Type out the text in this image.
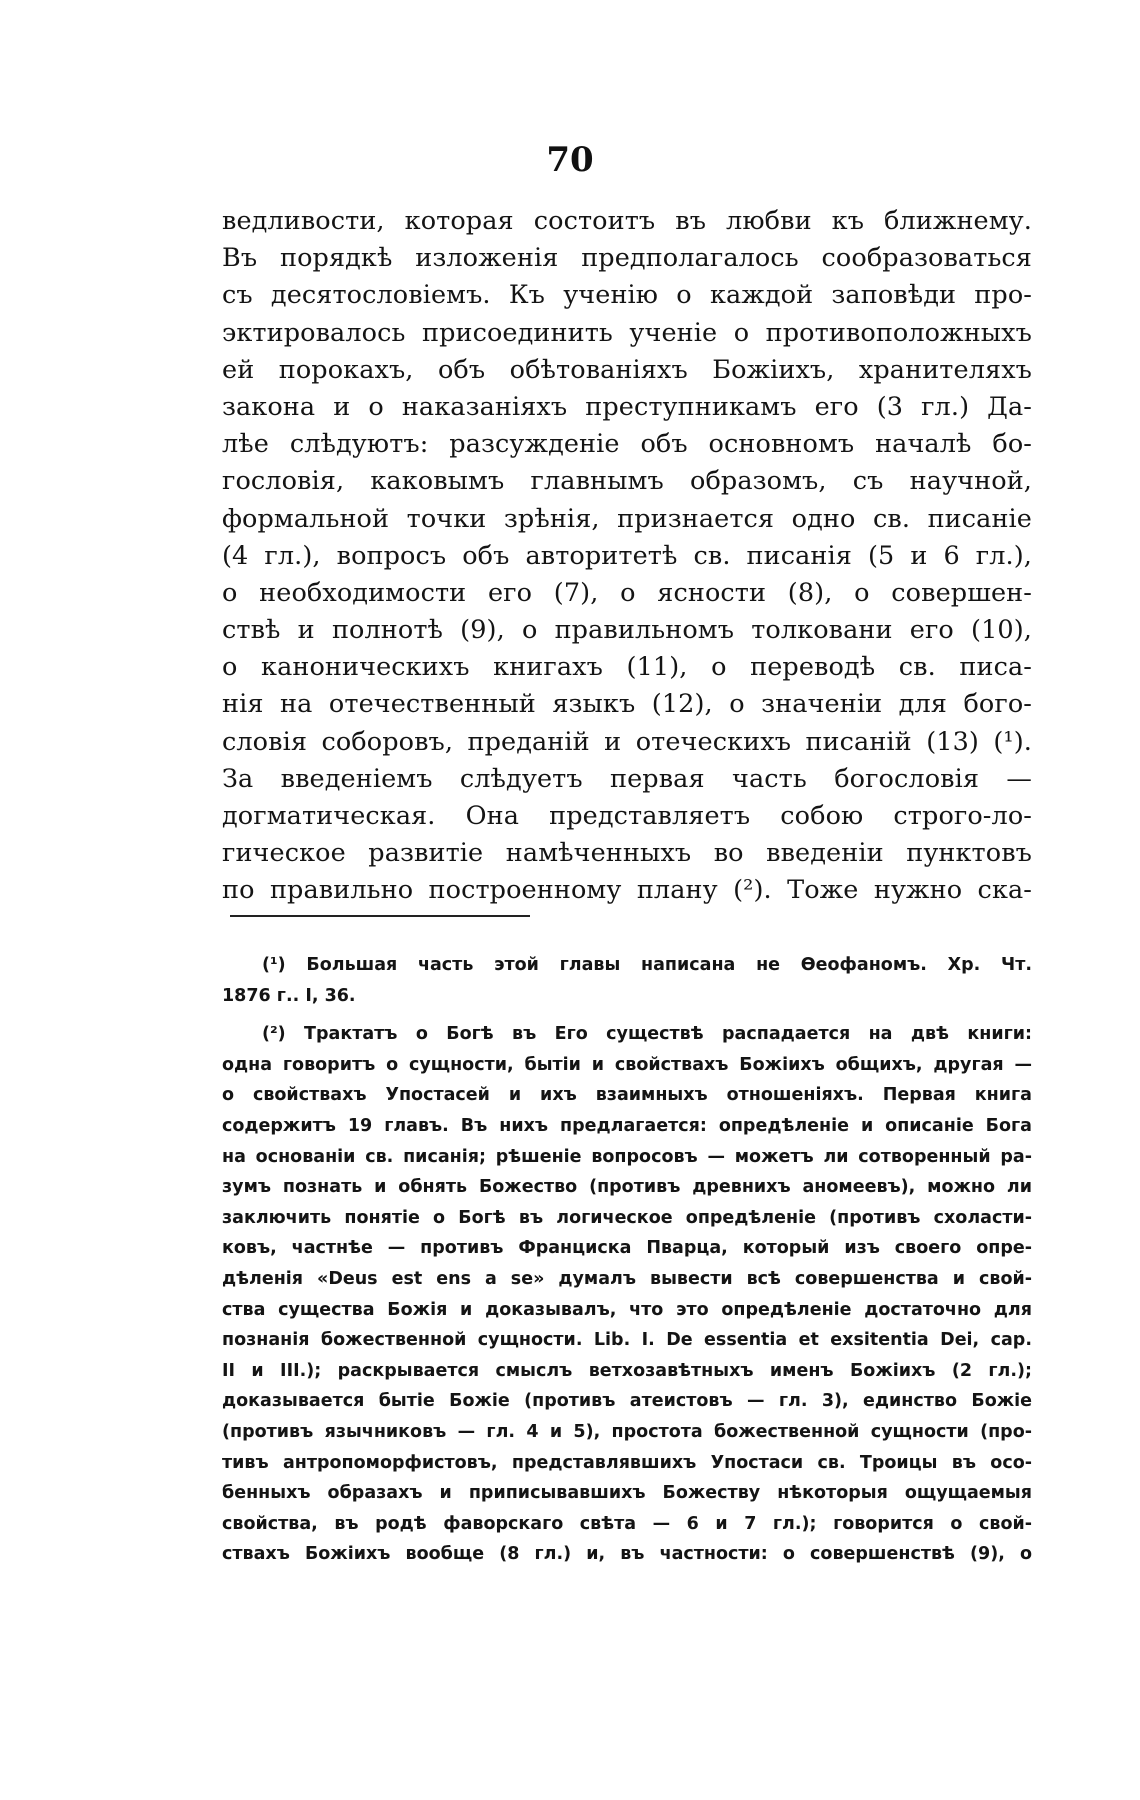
70
ведливости, которая состоитъ въ любви къ ближнему.
Въ порядкѣ изложенія предполагалось сообразоваться
съ десятословіемъ. Къ ученію о каждой заповѣди про-
эктировалось присоединить ученіе о противоположныхъ
ей порокахъ, объ обѣтованіяхъ Божіихъ, хранителяхъ
закона и о наказаніяхъ преступникамъ его (3 гл.) Да-
лѣе слѣдуютъ: разсужденіе объ основномъ началѣ бо-
гословія, каковымъ главнымъ образомъ, съ научной,
формальной точки зрѣнія, признается одно св. писаніе
(4 гл.), вопросъ объ авторитетѣ св. писанія (5 и 6 гл.),
о необходимости его (7), о ясности (8), о совершен-
ствѣ и полнотѣ (9), о правильномъ толковани его (10),
о каноническихъ книгахъ (11), о переводѣ св. писа-
нія на отечественный языкъ (12), о значеніи для бого-
словія соборовъ, преданій и отеческихъ писаній (13) (¹).
За введеніемъ слѣдуетъ первая часть богословія —
догматическая. Она представляетъ собою строго-ло-
гическое развитіе намѣченныхъ во введеніи пунктовъ
по правильно построенному плану (²). Тоже нужно ска-
(¹) Большая часть этой главы написана не Ѳеофаномъ. Хр. Чт.
1876 г.. I, 36.
(²) Трактатъ о Богѣ въ Его существѣ распадается на двѣ книги:
одна говоритъ о сущности, бытіи и свойствахъ Божіихъ общихъ, другая —
о свойствахъ Упостасей и ихъ взаимныхъ отношеніяхъ. Первая книга
содержитъ 19 главъ. Въ нихъ предлагается: опредѣленіе и описаніе Бога
на основаніи св. писанія; рѣшеніе вопросовъ — можетъ ли сотворенный ра-
зумъ познать и обнять Божество (противъ древнихъ аномеевъ), можно ли
заключить понятіе о Богѣ въ логическое опредѣленіе (противъ схоласти-
ковъ, частнѣе — противъ Франциска Пварца, который изъ своего опре-
дѣленія «Deus est ens a se» думалъ вывести всѣ совершенства и свой-
ства существа Божія и доказывалъ, что это опредѣленіе достаточно для
познанія божественной сущности. Lib. I. De essentia et exsitentia Dei, cap.
II и III.); раскрывается смыслъ ветхозавѣтныхъ именъ Божіихъ (2 гл.);
доказывается бытіе Божіе (противъ атеистовъ — гл. 3), единство Божіе
(противъ язычниковъ — гл. 4 и 5), простота божественной сущности (про-
тивъ антропоморфистовъ, представлявшихъ Упостаси св. Троицы въ осо-
бенныхъ образахъ и приписывавшихъ Божеству нѣкоторыя ощущаемыя
свойства, въ родѣ фаворскаго свѣта — 6 и 7 гл.); говорится о свой-
ствахъ Божіихъ вообще (8 гл.) и, въ частности: о совершенствѣ (9), о
